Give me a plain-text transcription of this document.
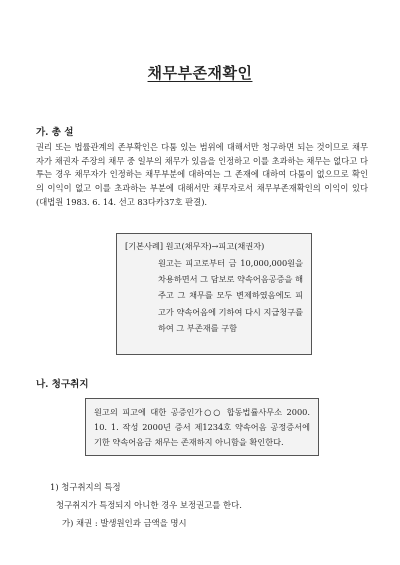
채무부존재확인
가. 총 설

권리 또는 법률관계의 존부확인은 다툼 있는 범위에 대해서만 청구하면 되는 것이므로 채무자가 채권자 주장의 채무 중 일부의 채무가 있음을 인정하고 이를 초과하는 채무는 없다고 다투는 경우 채무자가 인정하는 채무부분에 대하여는 그 존재에 대하여 다툼이 없으므로 확인의 이익이 없고 이를 초과하는 부분에 대해서만 채무자로서 채무부존재확인의 이익이 있다(대법원 1983. 6. 14. 선고 83다카37호 판결).

[기본사례] 원고(채무자)→피고(채권자)
원고는 피고로부터 금 10,000,000원을 차용하면서 그 담보로 약속어음공증을 해주고 그 채무를 모두 변제하였음에도 피고가 약속어음에 기하여 다시 지급청구를 하여 그 부존재를 구함
나. 청구취지
원고의 피고에 대한 공증인가○○ 합동법률사무소 2000. 10. 1. 작성 2000년 증서 제1234호 약속어음 공정증서에 기한 약속어음금 채무는 존재하지 아니함을 확인한다.
1) 청구취지의 특정
청구취지가 특정되지 아니한 경우 보정권고를 한다.
가) 채권 : 발생원인과 금액을 명시
